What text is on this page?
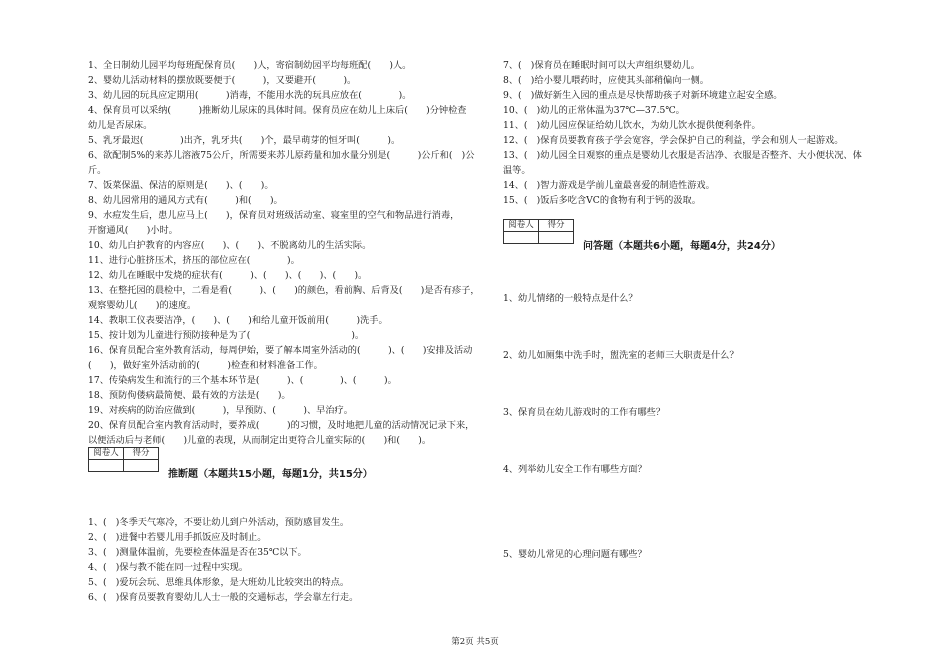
1、全日制幼儿园平均每班配保育员(　　)人，寄宿制幼园平均每班配(　　)人。
2、婴幼儿活动材料的摆放既要便于(　　　)，又要避开(　　　)。
3、幼儿园的玩具应定期用(　　　)消毒，不能用水洗的玩具应放在(　　　　)。
4、保育员可以采纳(　　　)推断幼儿尿床的具体时间。保育员应在幼儿上床后(　　)分钟检查
幼儿是否尿床。
5、乳牙最迟(　　　　)出齐，乳牙共(　　)个，最早萌芽的恒牙叫(　　　)。
6、欲配制5%的来苏儿溶液75公斤，所需要来苏儿原药量和加水量分别是(　　　)公斤和(　)公
斤。
7、饭菜保温、保洁的原则是(　　)、(　　)。
8、幼儿园常用的通风方式有(　　　)和(　　)。
9、水痘发生后，患儿应马上(　　)，保育员对班级活动室、寝室里的空气和物品进行消毒，
开窗通风(　　)小时。
10、幼儿白护教育的内容应(　　)、(　　)、不脱离幼儿的生活实际。
11、进行心脏挤压术，挤压的部位应在(　　　　)。
12、幼儿在睡眠中发烧的症状有(　　　)、(　　)、(　　)、(　　)。
13、在整托园的晨检中，二看是看(　　　)、(　　)的颜色，看前胸、后背及(　　)是否有疹子，
观察婴幼儿(　　)的速度。
14、教职工仪表要洁净，(　　)、(　　)和给儿童开饭前用(　　　)洗手。
15、按计划为儿童进行预防接种是为了(　　　　　　　　　　　)。
16、保育员配合室外教育活动，每周伊始，要了解本周室外活动的(　　　)、(　　)安排及活动
(　　)，做好室外活动前的(　　　)检查和材料准备工作。
17、传染病发生和流行的三个基本环节是(　　　)、(　　　　)、(　　　)。
18、预防佝偻病最简便、最有效的方法是(　　)。
19、对疾病的防治应做到(　　　)，早预防、(　　　)、早治疗。
20、保育员配合室内教育活动时，要养成(　　　)的习惯，及时地把儿童的活动情况记录下来，
以便活动后与老师(　　)儿童的表现，从而制定出更符合儿童实际的(　　)和(　　)。
阅卷人	得分

推断题（本题共15小题，每题1分，共15分）
1、(　)冬季天气寒冷，不要让幼儿到户外活动，预防感冒发生。
2、(　)进餐中若婴儿用手抓饭应及时制止。
3、(　)测量体温前，先要检查体温是否在35℃以下。
4、(　)保与教不能在同一过程中实现。
5、(　)爱玩会玩、思维具体形象，是大班幼儿比较突出的特点。
6、(　)保育员要教育婴幼儿人士一般的交通标志，学会靠左行走。
7、(　)保育员在睡眠时间可以大声组织婴幼儿。
8、(　)给小婴儿喂药时，应使其头部稍偏向一侧。
9、(　)做好新生入园的重点是尽快帮助孩子对新环境建立起安全感。
10、(　)幼儿的正常体温为37℃—37.5℃。
11、(　)幼儿园应保证给幼儿饮水，为幼儿饮水提供便利条件。
12、(　)保育员要教育孩子学会宽容，学会保护自己的利益，学会和别人一起游戏。
13、(　)幼儿园全日观察的重点是婴幼儿衣服是否洁净、衣服是否整齐、大小便状况、体
温等。
14、(　)智力游戏是学前儿童最喜爱的制造性游戏。
15、(　)饭后多吃含VC的食物有利于钙的汲取。
阅卷人	得分

问答题（本题共6小题，每题4分，共24分）
1、幼儿情绪的一般特点是什么？
2、幼儿如厕集中洗手时，盥洗室的老师三大职责是什么？
3、保育员在幼儿游戏时的工作有哪些？
4、列举幼儿安全工作有哪些方面？
5、婴幼儿常见的心理问题有哪些？
第2页 共5页
